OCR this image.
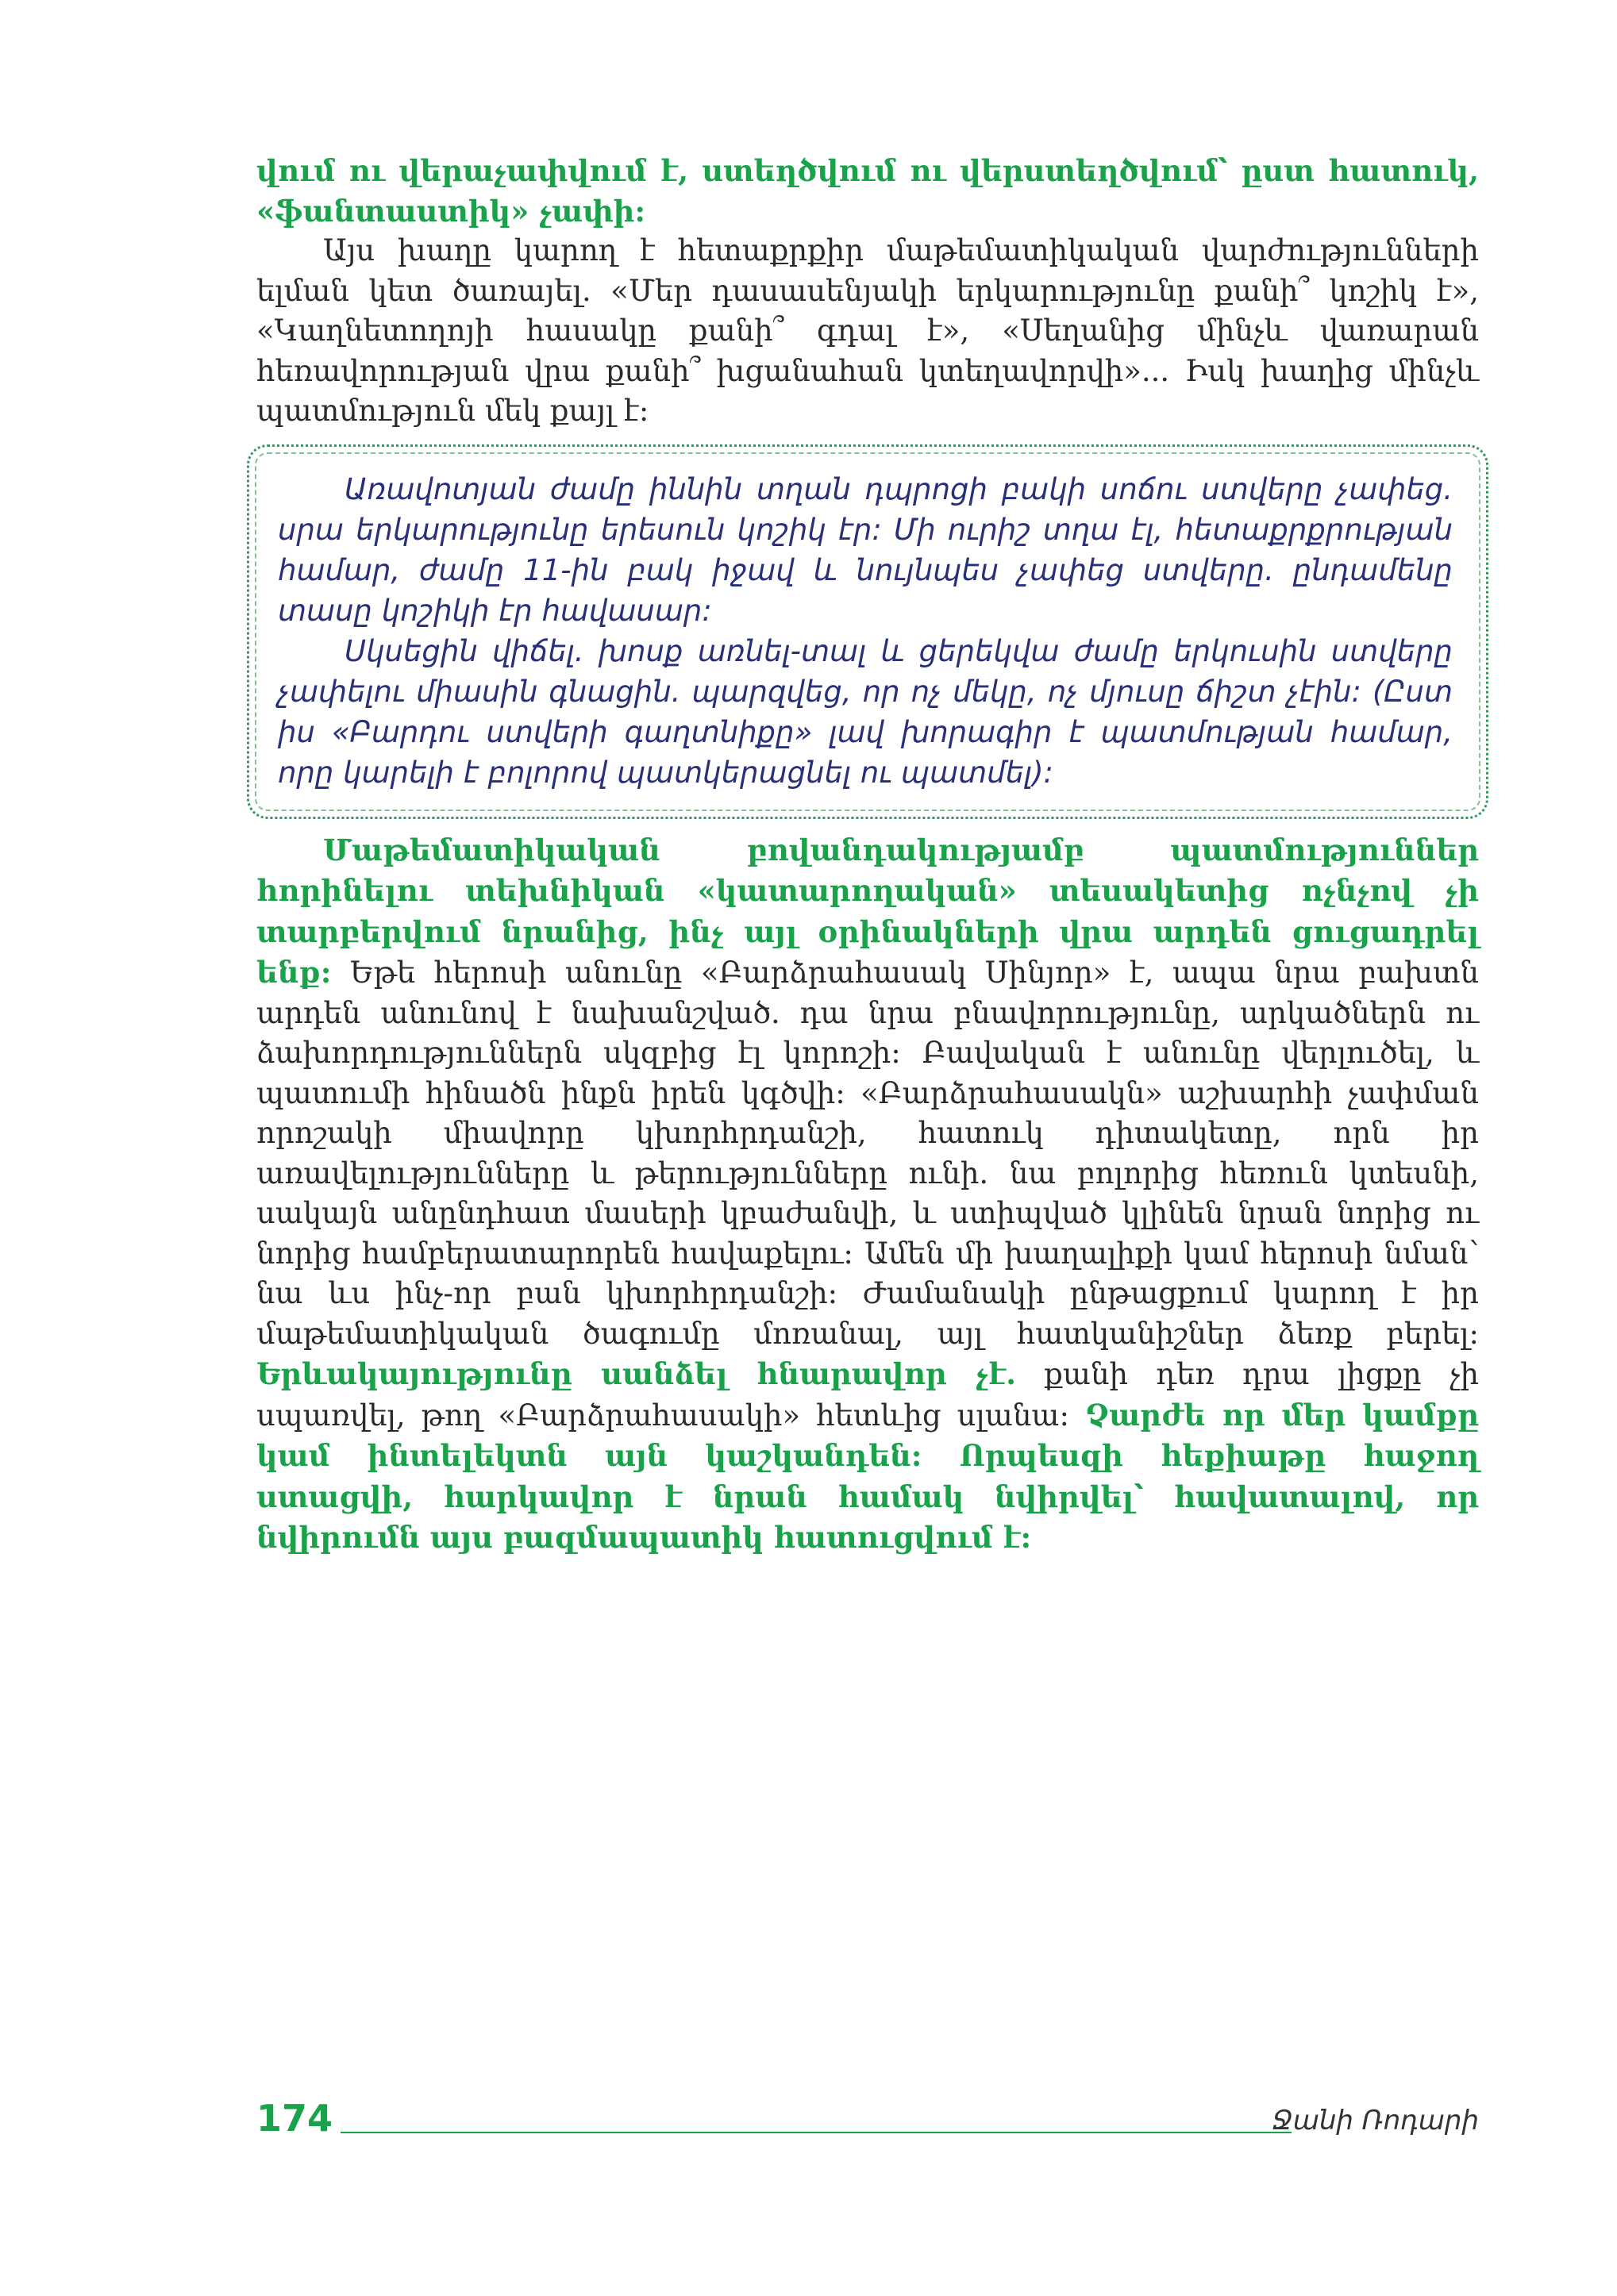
վում ու վերաչափվում է, ստեղծվում ու վերստեղծվում՝ ըստ հատուկ, «ֆանտաստիկ» չափի:

Այս խաղը կարող է հետաքրքիր մաթեմատիկական վարժությունների ելման կետ ծառայել. «Մեր դասասենյակի երկարությունը քանի՞ կոշիկ է», «Կաղնետողոյի հասակը քանի՞ գդալ է», «Սեղանից մինչև վառարան հեռավորության վրա քանի՞ խցանահան կտեղավորվի»... Իսկ խաղից մինչև պատմություն մեկ քայլ է:

Առավոտյան ժամը իննին տղան դպրոցի բակի սոճու ստվերը չափեց. սրա երկարությունը երեսուն կոշիկ էր: Մի ուրիշ տղա էլ, հետաքրքրության համար, ժամը 11-ին բակ իջավ և նույնպես չափեց ստվերը. ընդամենը տասը կոշիկի էր հավասար:

Սկսեցին վիճել. խոսք առնել-տալ և ցերեկվա ժամը երկուսին ստվերը չափելու միասին գնացին. պարզվեց, որ ոչ մեկը, ոչ մյուսը ճիշտ չէին: (Ըստ իս «Բարդու ստվերի գաղտնիքը» լավ խորագիր է պատմության համար, որը կարելի է բոլորով պատկերացնել ու պատմել):

Մաթեմատիկական բովանդակությամբ պատմություններ հորինելու տեխնիկան «կատարողական» տեսակետից ոչնչով չի տարբերվում նրանից, ինչ այլ օրինակների վրա արդեն ցուցադրել ենք: Եթե հերոսի անունը «Բարձրահասակ Սինյոր» է, ապա նրա բախտն արդեն անունով է նախանշված. դա նրա բնավորությունը, արկածներն ու ձախորդություններն սկզբից էլ կորոշի: Բավական է անունը վերլուծել, և պատումի հինածն ինքն իրեն կգծվի: «Բարձրահասակն» աշխարհի չափման որոշակի միավորը կխորհրդանշի, հատուկ դիտակետը, որն իր առավելությունները և թերությունները ունի. նա բոլորից հեռուն կտեսնի, սակայն անընդհատ մասերի կբաժանվի, և ստիպված կլինեն նրան նորից ու նորից համբերատարորեն հավաքելու: Ամեն մի խաղալիքի կամ հերոսի նման՝ նա ևս ինչ-որ բան կխորհրդանշի: Ժամանակի ընթացքում կարող է իր մաթեմատիկական ծագումը մոռանալ, այլ հատկանիշներ ձեռք բերել: Երևակայությունը սանձել հնարավոր չէ. քանի դեռ դրա լիցքը չի սպառվել, թող «Բարձրահասակի» հետևից սլանա: Չարժե որ մեր կամքը կամ ինտելեկտն այն կաշկանդեն: Որպեսզի հեքիաթը հաջող ստացվի, հարկավոր է նրան համակ նվիրվել՝ հավատալով, որ նվիրումն այս բազմապատիկ հատուցվում է:

174	Ջանի Ռոդարի
